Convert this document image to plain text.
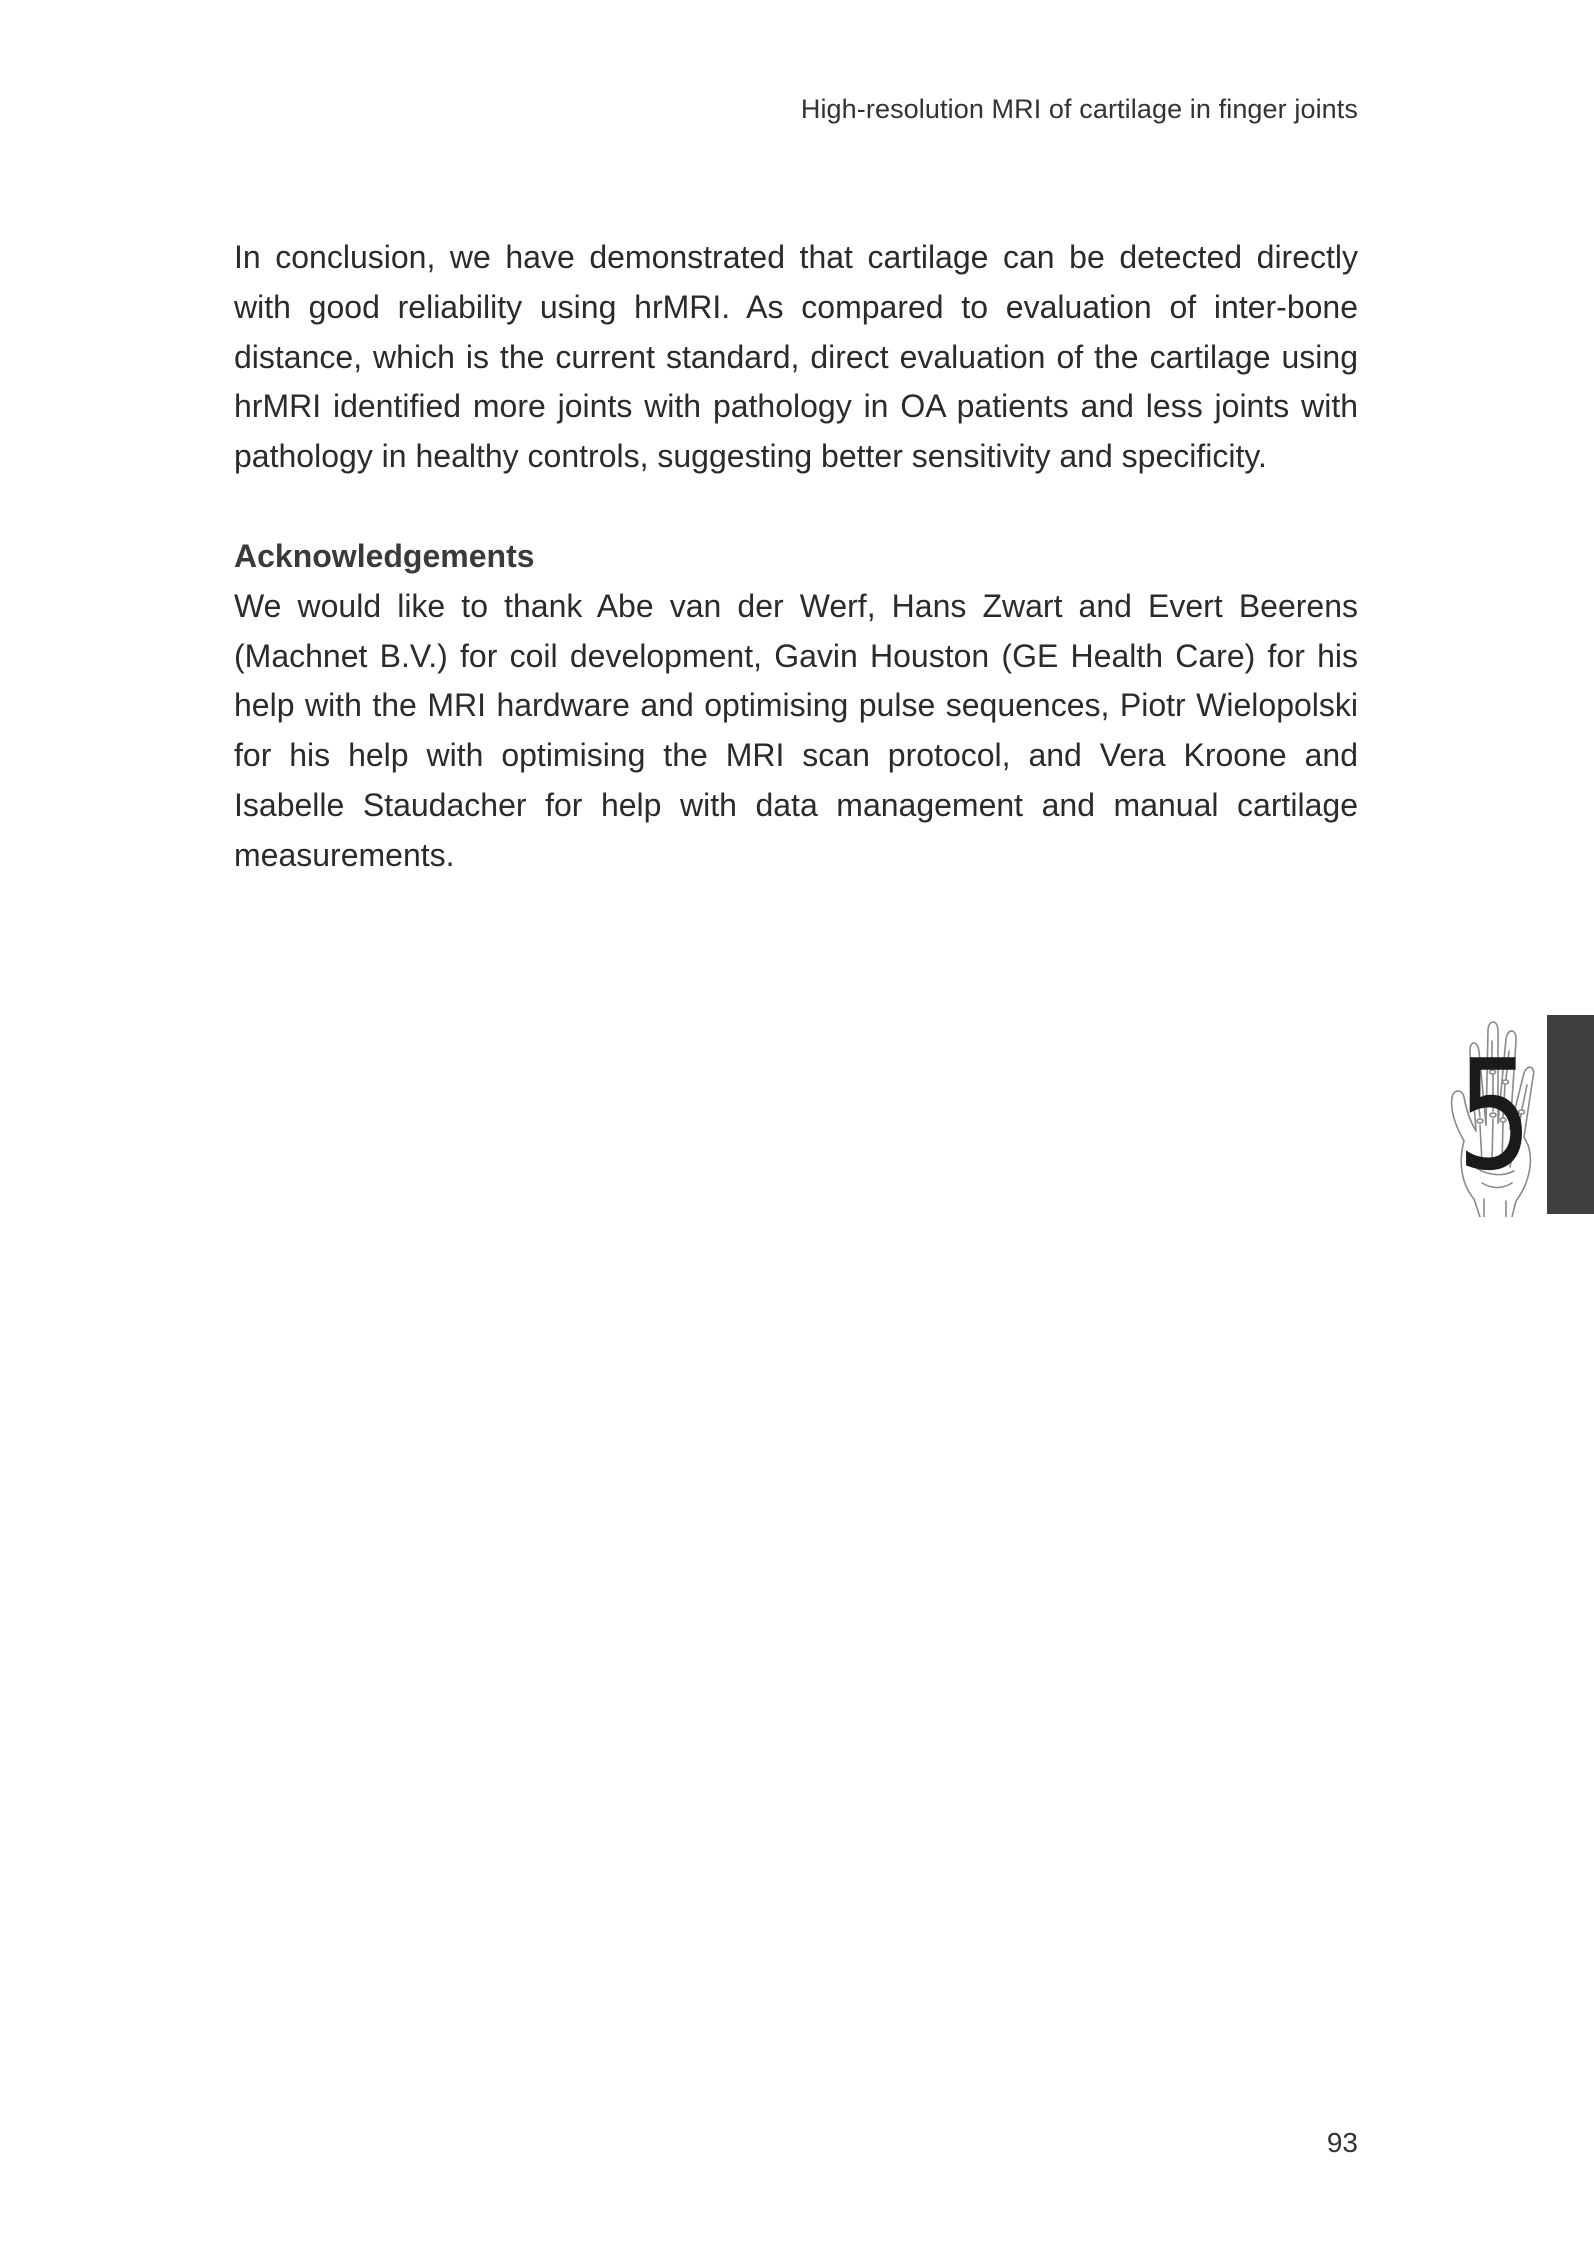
High-resolution MRI of cartilage in finger joints

In conclusion, we have demonstrated that cartilage can be detected directly with good reliability using hrMRI. As compared to evaluation of inter-bone distance, which is the current standard, direct evaluation of the cartilage using hrMRI identified more joints with pathology in OA patients and less joints with pathology in healthy controls, suggesting better sensitivity and specificity.

Acknowledgements

We would like to thank Abe van der Werf, Hans Zwart and Evert Beerens (Machnet B.V.) for coil development, Gavin Houston (GE Health Care) for his help with the MRI hardware and optimising pulse sequences, Piotr Wielopolski for his help with optimising the MRI scan protocol, and Vera Kroone and Isabelle Staudacher for help with data management and manual cartilage measurements.

5
93
